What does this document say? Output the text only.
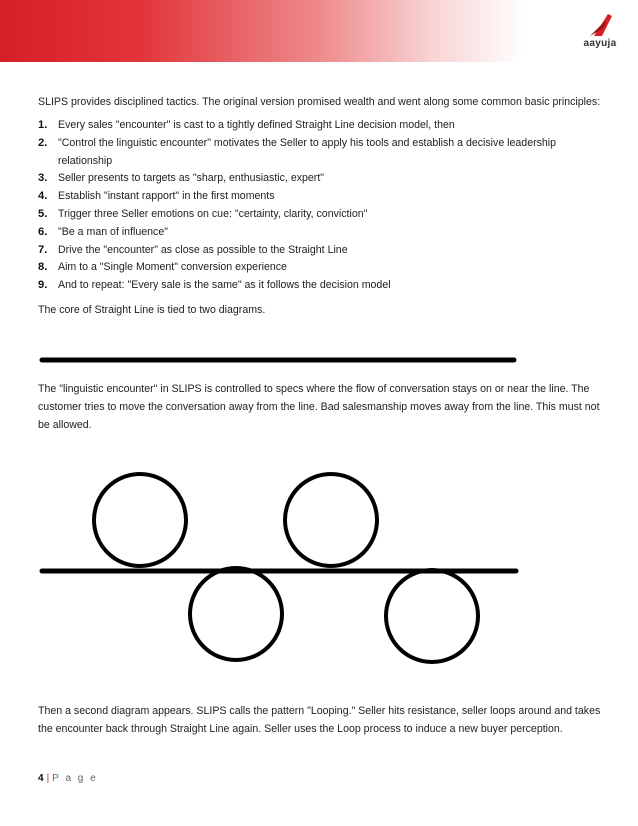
aayuja

SLIPS provides disciplined tactics. The original version promised wealth and went along some common basic principles:

1. Every sales "encounter" is cast to a tightly defined Straight Line decision model, then
2. "Control the linguistic encounter" motivates the Seller to apply his tools and establish a decisive leadership relationship
3. Seller presents to targets as "sharp, enthusiastic, expert"
4. Establish "instant rapport" in the first moments
5. Trigger three Seller emotions on cue: "certainty, clarity, conviction"
6. "Be a man of influence"
7. Drive the "encounter" as close as possible to the Straight Line
8. Aim to a "Single Moment" conversion experience
9. And to repeat: "Every sale is the same" as it follows the decision model

The core of Straight Line is tied to two diagrams.

The "linguistic encounter" in SLIPS is controlled to specs where the flow of conversation stays on or near the line. The customer tries to move the conversation away from the line. Bad salesmanship moves away from the line. This must not be allowed.

Then a second diagram appears. SLIPS calls the pattern "Looping." Seller hits resistance, seller loops around and takes the encounter back through Straight Line again. Seller uses the Loop process to induce a new buyer perception.

4 | P a g e
